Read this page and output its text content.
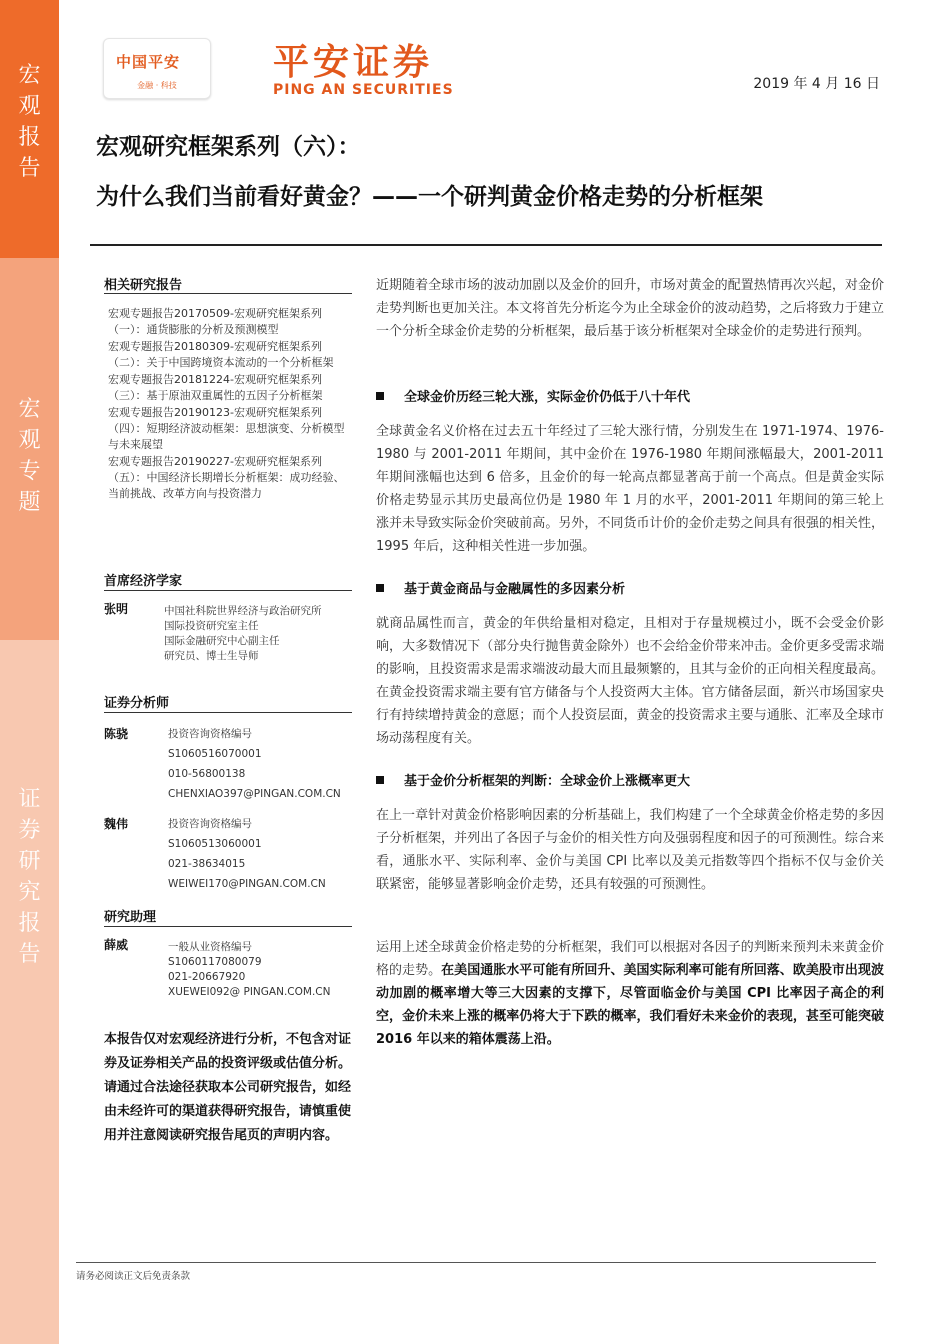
宏观报告
宏观专题
证券研究报告
中国平安
金融 · 科技
平安证券
PING AN SECURITIES	2019 年 4 月 16 日
宏观研究框架系列（六）：
为什么我们当前看好黄金？——一个研判黄金价格走势的分析框架
相关研究报告
宏观专题报告20170509-宏观研究框架系列（一）：通货膨胀的分析及预测模型
宏观专题报告20180309-宏观研究框架系列（二）：关于中国跨境资本流动的一个分析框架
宏观专题报告20181224-宏观研究框架系列（三）：基于原油双重属性的五因子分析框架
宏观专题报告20190123-宏观研究框架系列（四）：短期经济波动框架：思想演变、分析模型与未来展望
宏观专题报告20190227-宏观研究框架系列（五）：中国经济长期增长分析框架：成功经验、当前挑战、改革方向与投资潜力
首席经济学家
张明	中国社科院世界经济与政治研究所
国际投资研究室主任
国际金融研究中心副主任
研究员、博士生导师
证券分析师
陈骁	投资咨询资格编号
S1060516070001
010-56800138
CHENXIAO397@PINGAN.COM.CN
魏伟	投资咨询资格编号
S1060513060001
021-38634015
WEIWEI170@PINGAN.COM.CN
研究助理
薛威	一般从业资格编号
S1060117080079
021-20667920
XUEWEI092@ PINGAN.COM.CN
本报告仅对宏观经济进行分析，不包含对证券及证券相关产品的投资评级或估值分析。
请通过合法途径获取本公司研究报告，如经由未经许可的渠道获得研究报告，请慎重使用并注意阅读研究报告尾页的声明内容。
近期随着全球市场的波动加剧以及金价的回升，市场对黄金的配置热情再次兴起，对金价走势判断也更加关注。本文将首先分析迄今为止全球金价的波动趋势，之后将致力于建立一个分析全球金价走势的分析框架，最后基于该分析框架对全球金价的走势进行预判。
全球金价历经三轮大涨，实际金价仍低于八十年代
全球黄金名义价格在过去五十年经过了三轮大涨行情，分别发生在 1971-1974、1976-1980 与 2001-2011 年期间，其中金价在 1976-1980 年期间涨幅最大，2001-2011 年期间涨幅也达到 6 倍多，且金价的每一轮高点都显著高于前一个高点。但是黄金实际价格走势显示其历史最高位仍是 1980 年 1 月的水平，2001-2011 年期间的第三轮上涨并未导致实际金价突破前高。另外，不同货币计价的金价走势之间具有很强的相关性，1995 年后，这种相关性进一步加强。
基于黄金商品与金融属性的多因素分析
就商品属性而言，黄金的年供给量相对稳定，且相对于存量规模过小，既不会受金价影响，大多数情况下（部分央行抛售黄金除外）也不会给金价带来冲击。金价更多受需求端的影响，且投资需求是需求端波动最大而且最频繁的，且其与金价的正向相关程度最高。在黄金投资需求端主要有官方储备与个人投资两大主体。官方储备层面，新兴市场国家央行有持续增持黄金的意愿；而个人投资层面，黄金的投资需求主要与通胀、汇率及全球市场动荡程度有关。
基于金价分析框架的判断：全球金价上涨概率更大
在上一章针对黄金价格影响因素的分析基础上，我们构建了一个全球黄金价格走势的多因子分析框架，并列出了各因子与金价的相关性方向及强弱程度和因子的可预测性。综合来看，通胀水平、实际利率、金价与美国 CPI 比率以及美元指数等四个指标不仅与金价关联紧密，能够显著影响金价走势，还具有较强的可预测性。
运用上述全球黄金价格走势的分析框架，我们可以根据对各因子的判断来预判未来黄金价格的走势。在美国通胀水平可能有所回升、美国实际利率可能有所回落、欧美股市出现波动加剧的概率增大等三大因素的支撑下，尽管面临金价与美国 CPI 比率因子高企的利空，金价未来上涨的概率仍将大于下跌的概率，我们看好未来金价的表现，甚至可能突破 2016 年以来的箱体震荡上沿。
请务必阅读正文后免责条款
